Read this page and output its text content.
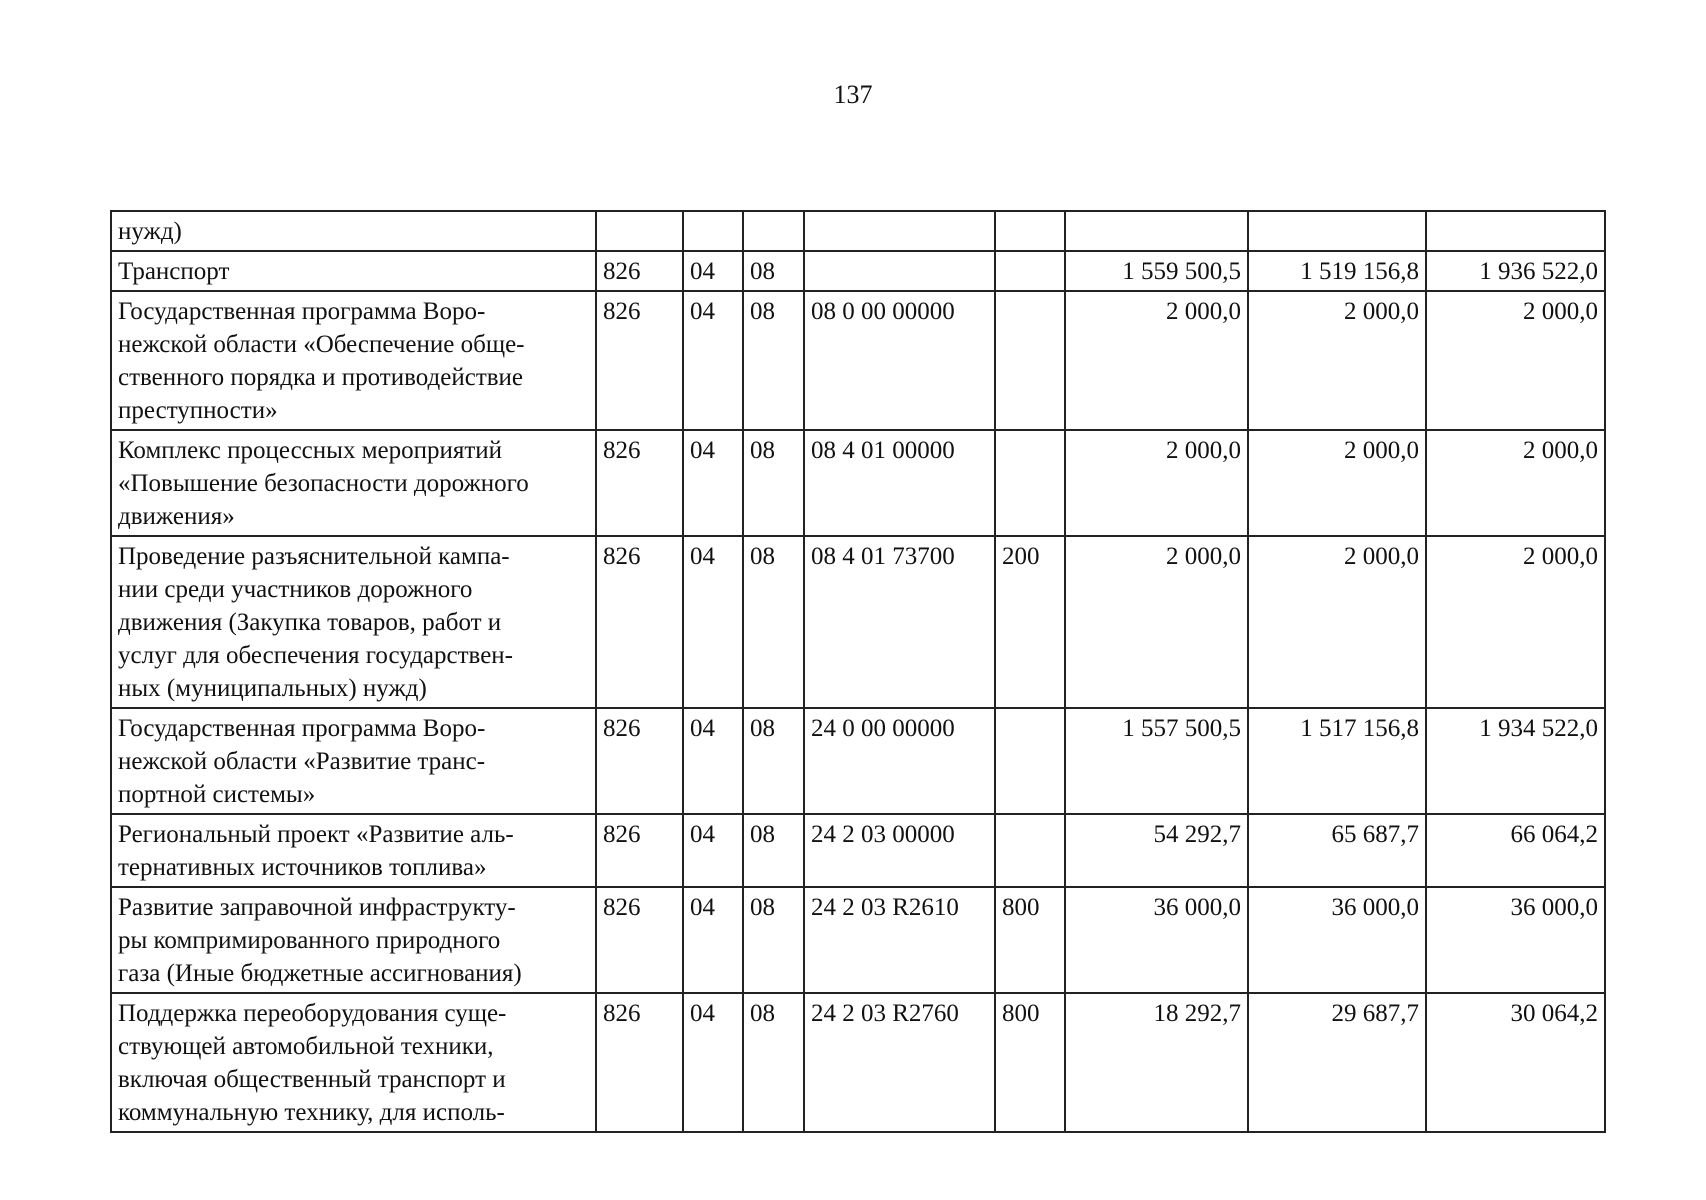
137
нужд)								
Транспорт	826	04	08			1 559 500,5	1 519 156,8	1 936 522,0
Государственная программа Воро-
нежской области «Обеспечение обще-
ственного порядка и противодействие
преступности»	826	04	08	08 0 00 00000		2 000,0	2 000,0	2 000,0
Комплекс процессных мероприятий
«Повышение безопасности дорожного
движения»	826	04	08	08 4 01 00000		2 000,0	2 000,0	2 000,0
Проведение разъяснительной кампа-
нии среди участников дорожного
движения (Закупка товаров, работ и
услуг для обеспечения государствен-
ных (муниципальных) нужд)	826	04	08	08 4 01 73700	200	2 000,0	2 000,0	2 000,0
Государственная программа Воро-
нежской области «Развитие транс-
портной системы»	826	04	08	24 0 00 00000		1 557 500,5	1 517 156,8	1 934 522,0
Региональный проект «Развитие аль-
тернативных источников топлива»	826	04	08	24 2 03 00000		54 292,7	65 687,7	66 064,2
Развитие заправочной инфраструкту-
ры компримированного природного
газа (Иные бюджетные ассигнования)	826	04	08	24 2 03 R2610	800	36 000,0	36 000,0	36 000,0
Поддержка переоборудования суще-
ствующей автомобильной техники,
включая общественный транспорт и
коммунальную технику, для исполь-	826	04	08	24 2 03 R2760	800	18 292,7	29 687,7	30 064,2
